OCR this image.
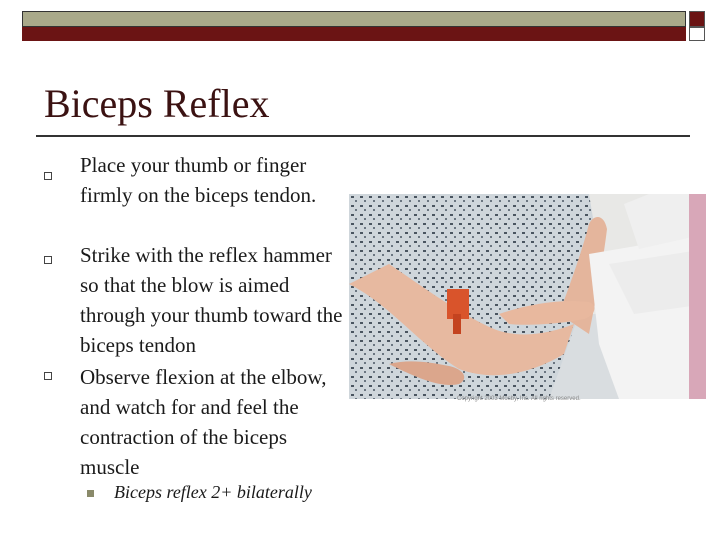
Biceps Reflex
Place your thumb or finger firmly on the biceps tendon.
Strike with the reflex hammer so that the blow is aimed through your thumb toward the biceps tendon
Observe flexion at the elbow, and watch for and feel the contraction of the biceps muscle
Biceps reflex 2+ bilaterally
Copyright 2003 Mosby, Inc. All rights reserved.
